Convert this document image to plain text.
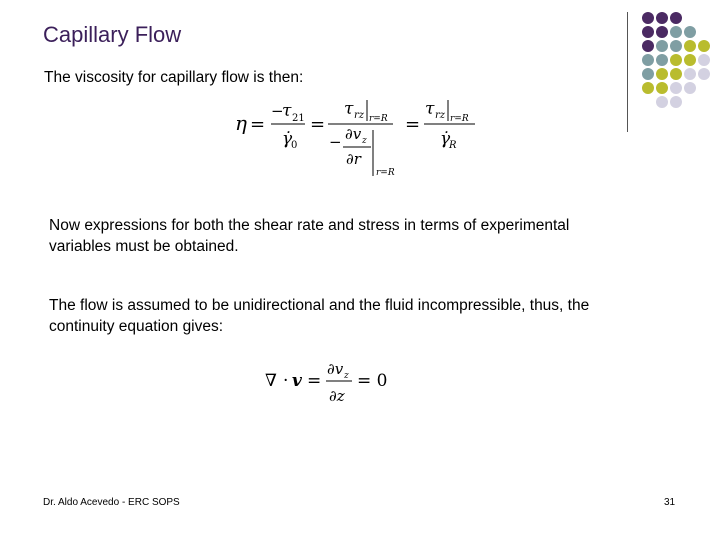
Capillary Flow
The viscosity for capillary flow is then:
η =
−
τ 21
γ̇
0
=
τ rz r=R
− ∂v z
∂r
r=R
=
τ rz r=R
γ̇
R
Now expressions for both the shear rate and stress in terms of experimental variables must be obtained.
The flow is assumed to be unidirectional and the fluid incompressible, thus, the continuity equation gives:
∇ · v =
∂v z
∂z
= 0
Dr. Aldo Acevedo - ERC SOPS	31
